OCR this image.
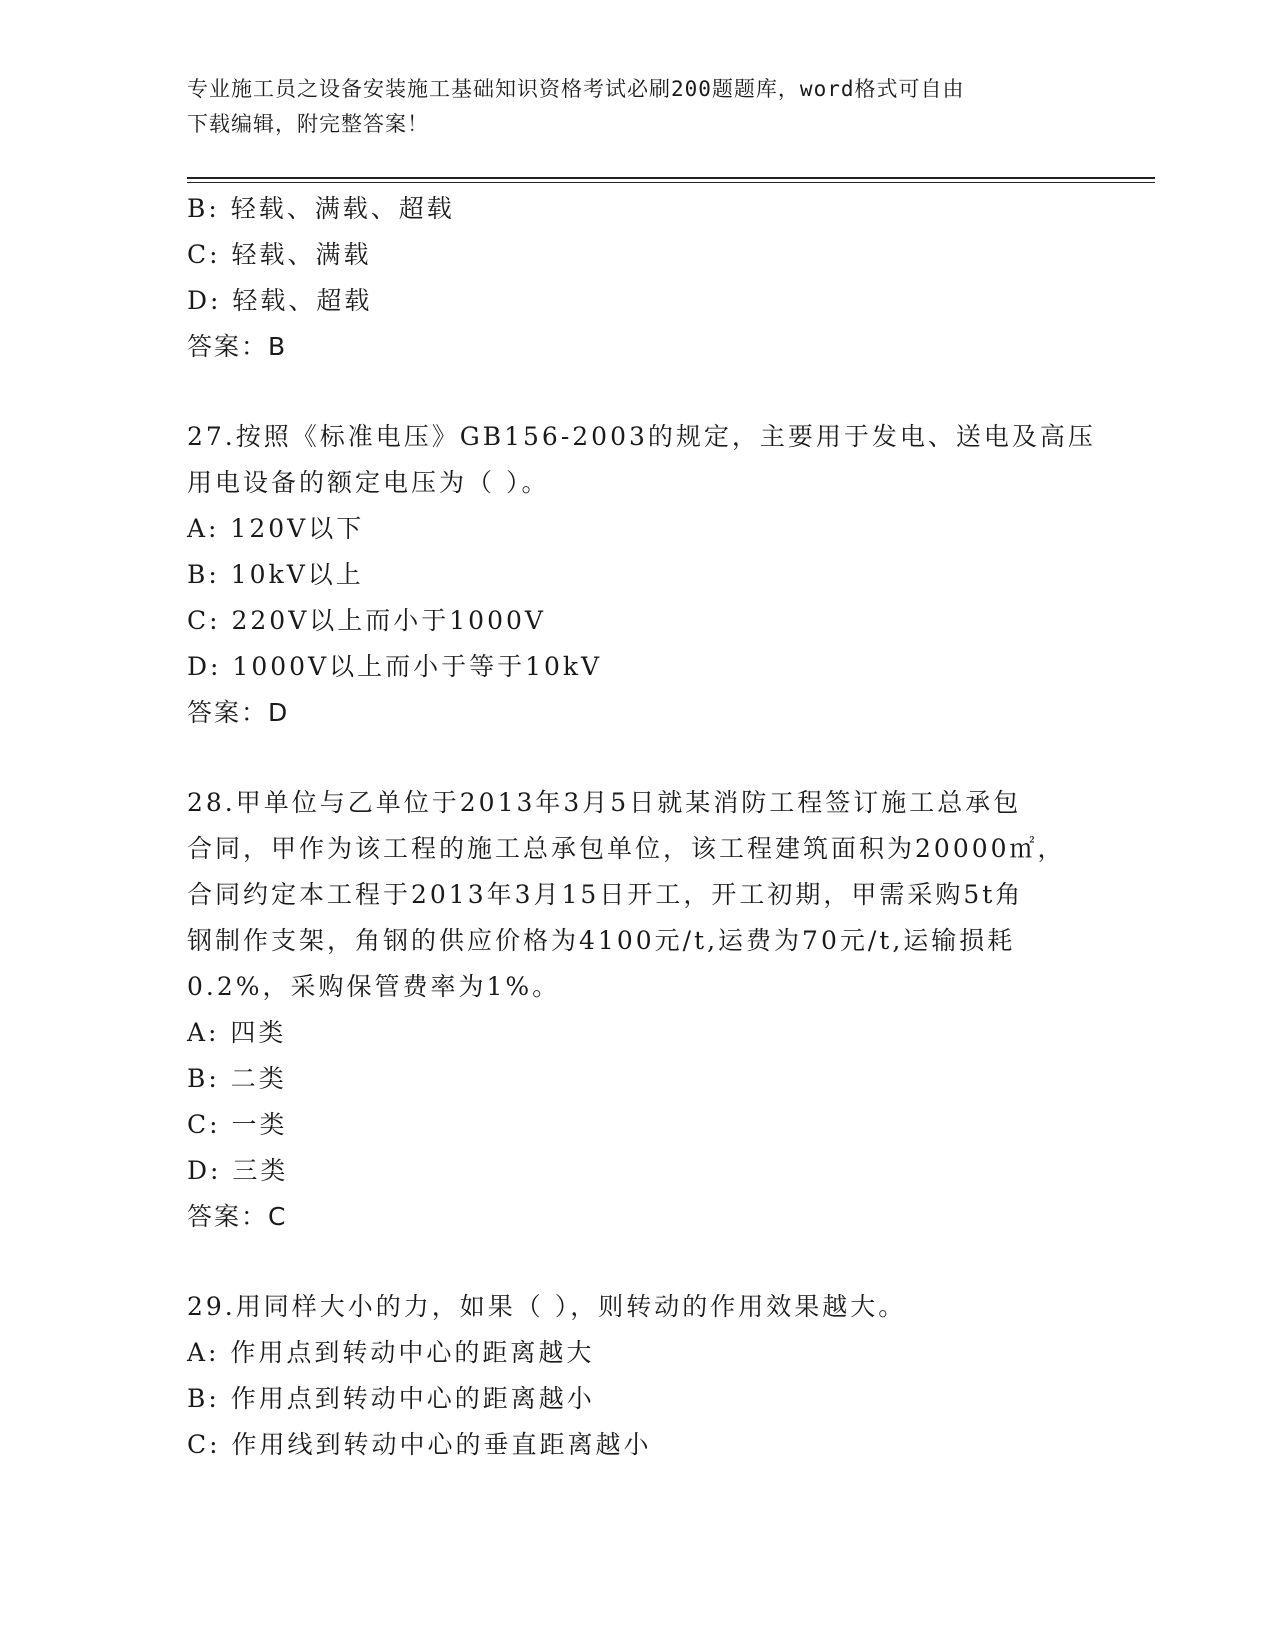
专业施工员之设备安装施工基础知识资格考试必刷200题题库，word格式可自由
下载编辑，附完整答案！
B: 轻载、满载、超载
C: 轻载、满载
D: 轻载、超载
答案：B
27.按照《标准电压》GB156-2003的规定，主要用于发电、送电及高压
用电设备的额定电压为（ ）。
A: 120V以下
B: 10kV以上
C: 220V以上而小于1000V
D: 1000V以上而小于等于10kV
答案：D
28.甲单位与乙单位于2013年3月5日就某消防工程签订施工总承包
合同，甲作为该工程的施工总承包单位，该工程建筑面积为20000㎡，
合同约定本工程于2013年3月15日开工，开工初期，甲需采购5t角
钢制作支架，角钢的供应价格为4100元/t,运费为70元/t,运输损耗
0.2%，采购保管费率为1%。
A: 四类
B: 二类
C: 一类
D: 三类
答案：C
29.用同样大小的力，如果（ ），则转动的作用效果越大。
A: 作用点到转动中心的距离越大
B: 作用点到转动中心的距离越小
C: 作用线到转动中心的垂直距离越小
